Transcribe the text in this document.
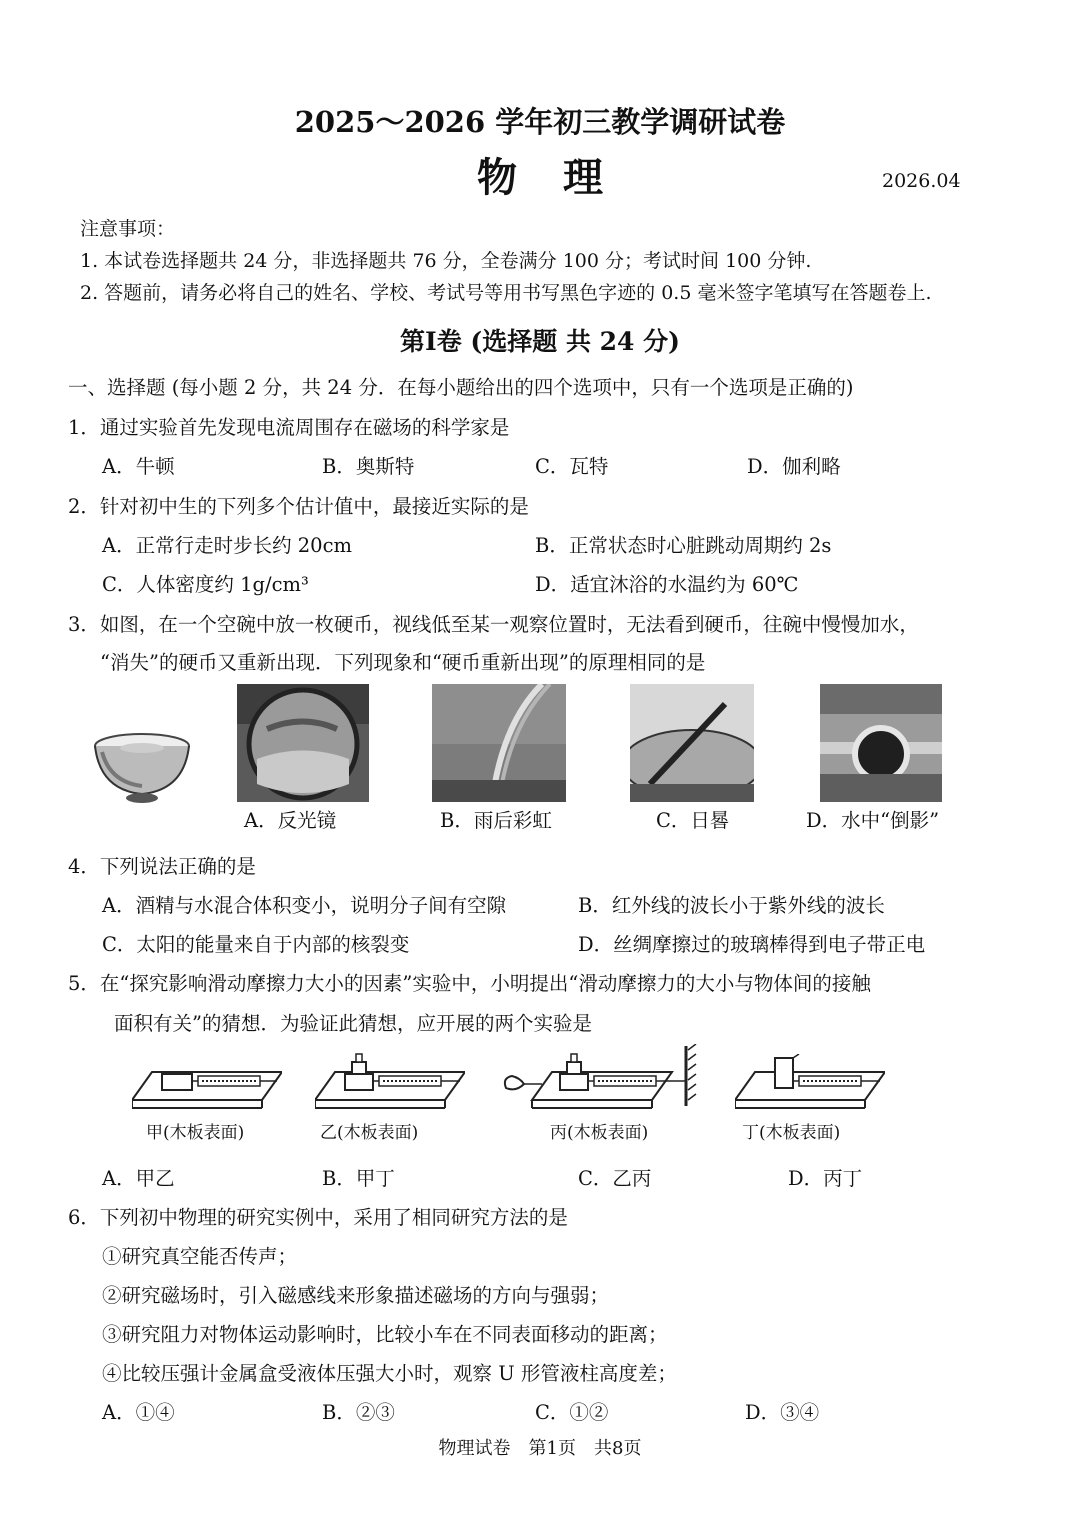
2025～2026 学年初三教学调研试卷
物理	2026.04
注意事项：
1. 本试卷选择题共 24 分，非选择题共 76 分，全卷满分 100 分；考试时间 100 分钟.
2. 答题前，请务必将自己的姓名、学校、考试号等用书写黑色字迹的 0.5 毫米签字笔填写在答题卷上.
第Ⅰ卷 (选择题 共 24 分)
一、选择题 (每小题 2 分，共 24 分．在每小题给出的四个选项中，只有一个选项是正确的)
1．通过实验首先发现电流周围存在磁场的科学家是
A．牛顿	B．奥斯特	C．瓦特	D．伽利略
2．针对初中生的下列多个估计值中，最接近实际的是
A．正常行走时步长约 20cm	B．正常状态时心脏跳动周期约 2s
C．人体密度约 1g/cm³	D．适宜沐浴的水温约为 60℃
3．如图，在一个空碗中放一枚硬币，视线低至某一观察位置时，无法看到硬币，往碗中慢慢加水，
“消失”的硬币又重新出现．下列现象和“硬币重新出现”的原理相同的是
A．反光镜	B．雨后彩虹	C．日晷	D．水中“倒影”
4．下列说法正确的是
A．酒精与水混合体积变小，说明分子间有空隙	B．红外线的波长小于紫外线的波长
C．太阳的能量来自于内部的核裂变	D．丝绸摩擦过的玻璃棒得到电子带正电
5．在“探究影响滑动摩擦力大小的因素”实验中，小明提出“滑动摩擦力的大小与物体间的接触
面积有关”的猜想．为验证此猜想，应开展的两个实验是
甲(木板表面)	乙(木板表面)	丙(木板表面)	丁(木板表面)
A．甲乙	B．甲丁	C．乙丙	D．丙丁
6．下列初中物理的研究实例中，采用了相同研究方法的是
①研究真空能否传声；
②研究磁场时，引入磁感线来形象描述磁场的方向与强弱；
③研究阻力对物体运动影响时，比较小车在不同表面移动的距离；
④比较压强计金属盒受液体压强大小时，观察 U 形管液柱高度差；
A．①④	B．②③	C．①②	D．③④
物理试卷　第1页　共8页
